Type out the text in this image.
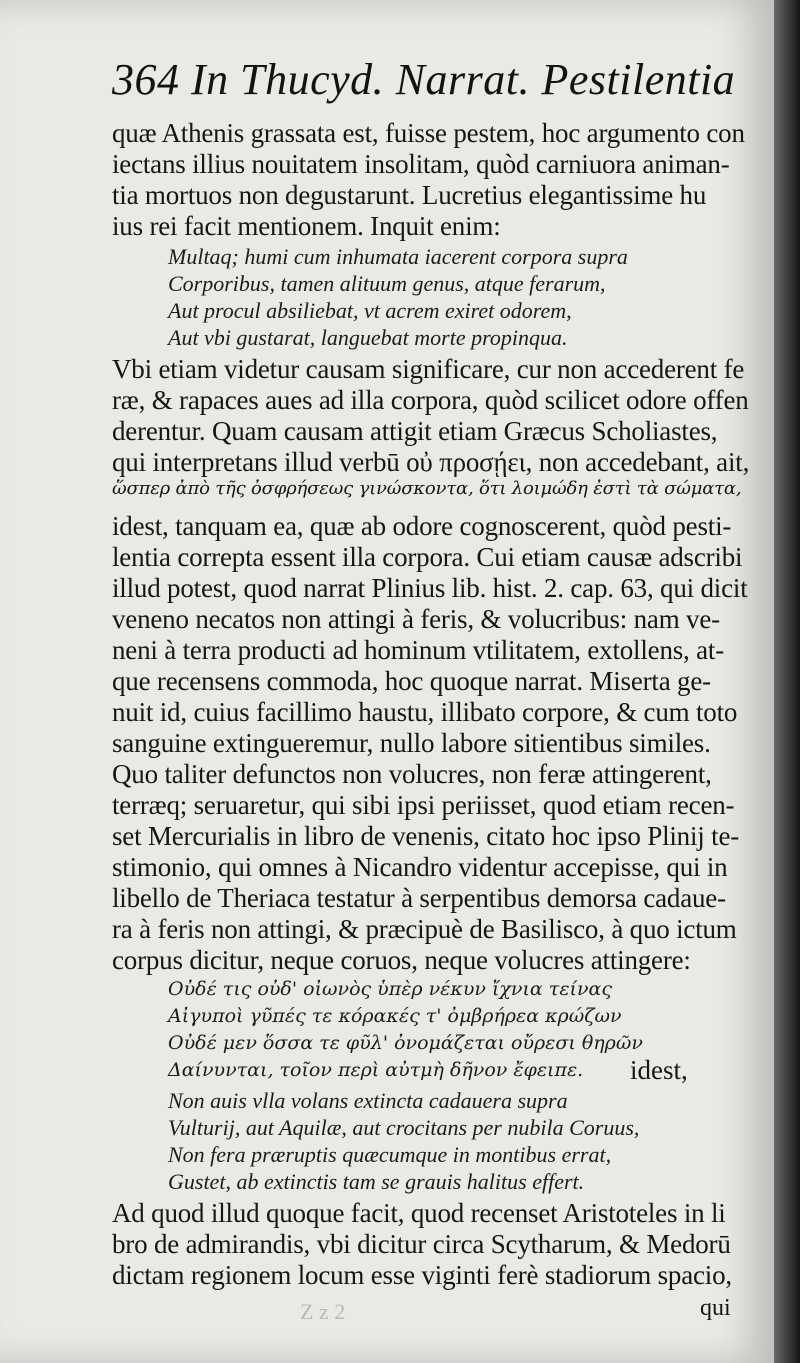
364 In Thucyd. Narrat. Pestilentia
quæ Athenis grassata est, fuisse pestem, hoc argumento con
iectans illius nouitatem insolitam, quòd carniuora animan-
tia mortuos non degustarunt. Lucretius elegantissime hu
ius rei facit mentionem. Inquit enim:
Multaq; humi cum inhumata iacerent corpora supra
Corporibus, tamen alituum genus, atque ferarum,
Aut procul absiliebat, vt acrem exiret odorem,
Aut vbi gustarat, languebat morte propinqua.
Vbi etiam videtur causam significare, cur non accederent fe
ræ, & rapaces aues ad illa corpora, quòd scilicet odore offen
derentur. Quam causam attigit etiam Græcus Scholiastes,
qui interpretans illud verbū οὐ προσῄει, non accedebant, ait,
ὥσπερ ἀπὸ τῆς ὀσφρήσεως γινώσκοντα, ὅτι λοιμώδη ἐστὶ τὰ σώματα,
idest, tanquam ea, quæ ab odore cognoscerent, quòd pesti-
lentia correpta essent illa corpora. Cui etiam causæ adscribi
illud potest, quod narrat Plinius lib. hist. 2. cap. 63, qui dicit
veneno necatos non attingi à feris, & volucribus: nam ve-
neni à terra producti ad hominum vtilitatem, extollens, at-
que recensens commoda, hoc quoque narrat. Miserta ge-
nuit id, cuius facillimo haustu, illibato corpore, & cum toto
sanguine extingueremur, nullo labore sitientibus similes.
Quo taliter defunctos non volucres, non feræ attingerent,
terræq; seruaretur, qui sibi ipsi periisset, quod etiam recen-
set Mercurialis in libro de venenis, citato hoc ipso Plinij te-
stimonio, qui omnes à Nicandro videntur accepisse, qui in
libello de Theriaca testatur à serpentibus demorsa cadaue-
ra à feris non attingi, & præcipuè de Basilisco, à quo ictum
corpus dicitur, neque coruos, neque volucres attingere:
Οὐδέ τις οὐδ' οἰωνὸς ὑπὲρ νέκυν ἴχνια τείνας
Αἰγυποὶ γῦπές τε κόρακές τ' ὀμβρήρεα κρώζων
Οὐδέ μεν ὅσσα τε φῦλ' ὀνομάζεται οὔρεσι θηρῶν
Δαίνυνται, τοῖον περὶ αὐτμὴ δῆνον ἔφειπε. idest,
Non auis vlla volans extincta cadauera supra
Vulturij, aut Aquilæ, aut crocitans per nubila Coruus,
Non fera præruptis quæcumque in montibus errat,
Gustet, ab extinctis tam se grauis halitus effert.
Ad quod illud quoque facit, quod recenset Aristoteles in li
bro de admirandis, vbi dicitur circa Scytharum, & Medorū
dictam regionem locum esse viginti ferè stadiorum spacio,
qui
Z z 2
